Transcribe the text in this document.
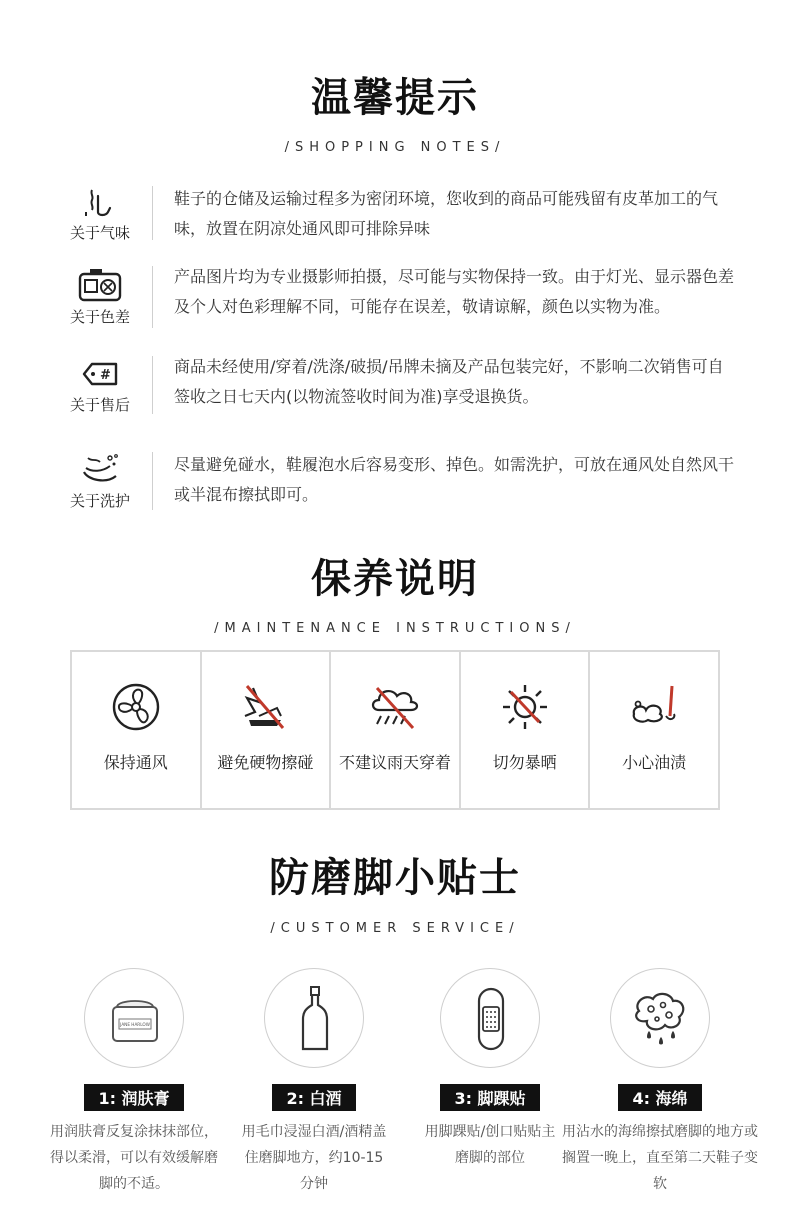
温馨提示
/SHOPPING NOTES/
关于气味
鞋子的仓储及运输过程多为密闭环境，您收到的商品可能残留有皮革加工的气味，放置在阴凉处通风即可排除异味
关于色差
产品图片均为专业摄影师拍摄，尽可能与实物保持一致。由于灯光、显示器色差及个人对色彩理解不同，可能存在误差，敬请谅解，颜色以实物为准。
#
关于售后
商品未经使用/穿着/洗涤/破损/吊牌未摘及产品包装完好，不影响二次销售可自签收之日七天内(以物流签收时间为准)享受退换货。
关于洗护
尽量避免碰水，鞋履泡水后容易变形、掉色。如需洗护，可放在通风处自然风干或半混布擦拭即可。
保养说明
/MAINTENANCE INSTRUCTIONS/
保持通风	避免硬物擦碰	不建议雨天穿着	切勿暴晒	小心油渍
防磨脚小贴士
/CUSTOMER SERVICE/
JANE HARLOW
1: 润肤膏
用润肤膏反复涂抹抹部位，得以柔滑，可以有效缓解磨脚的不适。
2: 白酒
用毛巾浸湿白酒/酒精盖住磨脚地方，约10-15分钟
3: 脚踝贴
用脚踝贴/创口贴贴主磨脚的部位
4: 海绵
用沾水的海绵擦拭磨脚的地方或搁置一晚上，直至第二天鞋子变软
